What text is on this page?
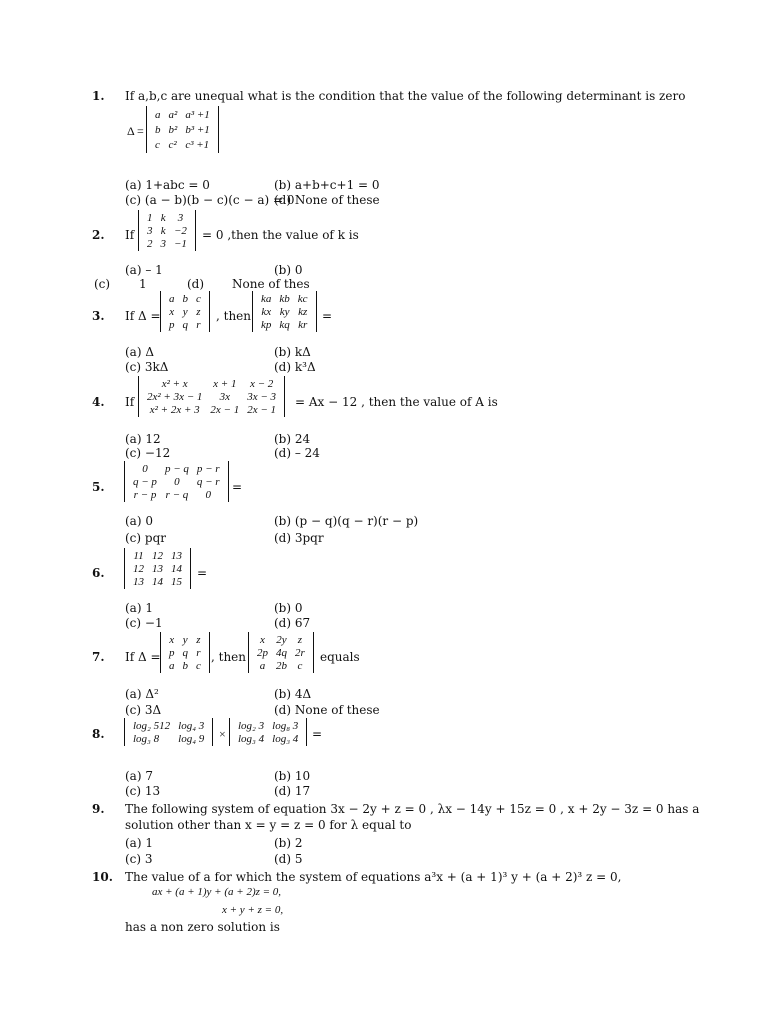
1. If a,b,c are unequal what is the condition that the value of the following determinant is zero
Δ =
a	a²	a³ +1
b	b²	b³ +1
c	c²	c³ +1
(a) 1+abc = 0	(b) a+b+c+1 = 0
(c) (a − b)(b − c)(c − a) = 0
(d) None of these
2. If
1	k	3
3	k	−2
2	3	−1
= 0 ,then the value of k is
(a) – 1	(b) 0
(c) 1	(d) None of thes
3. If Δ =
a	b	c
x	y	z
p	q	r
, then
ka	kb	kc
kx	ky	kz
kp	kq	kr
=
(a) Δ	(b) kΔ
(c) 3kΔ	(d) k³Δ
4. If
x² + x	x + 1	x − 2
2x² + 3x − 1	3x	3x − 3
x² + 2x + 3	2x − 1	2x − 1
= Ax − 12 , then the value of A is
(a) 12	(b) 24
(c) −12	(d) – 24
5.
0	p − q	p − r
q − p	0	q − r
r − p	r − q	0
=
(a) 0	(b) (p − q)(q − r)(r − p)
(c) pqr	(d) 3pqr
6.
11	12	13
12	13	14
13	14	15
=
(a) 1	(b) 0
(c) −1	(d) 67
7. If Δ =
x	y	z
p	q	r
a	b	c
, then
x	2y	z
2p	4q	2r
a	2b	c
equals
(a) Δ²	(b) 4Δ
(c) 3Δ	(d) None of these
8.
log₂ 512	log₄ 3
log₃ 8	log₄ 9 ×
log₂ 3	log₈ 3
log₃ 4	log₃ 4 =
(a) 7	(b) 10
(c) 13	(d) 17
9. The following system of equation 3x − 2y + z = 0 , λx − 14y + 15z = 0 , x + 2y − 3z = 0 has a
solution other than x = y = z = 0 for λ equal to
(a) 1	(b) 2
(c) 3	(d) 5
10. The value of a for which the system of equations a³x + (a + 1)³ y + (a + 2)³ z = 0,
ax + (a + 1)y + (a + 2)z = 0,
x + y + z = 0,
has a non zero solution is
